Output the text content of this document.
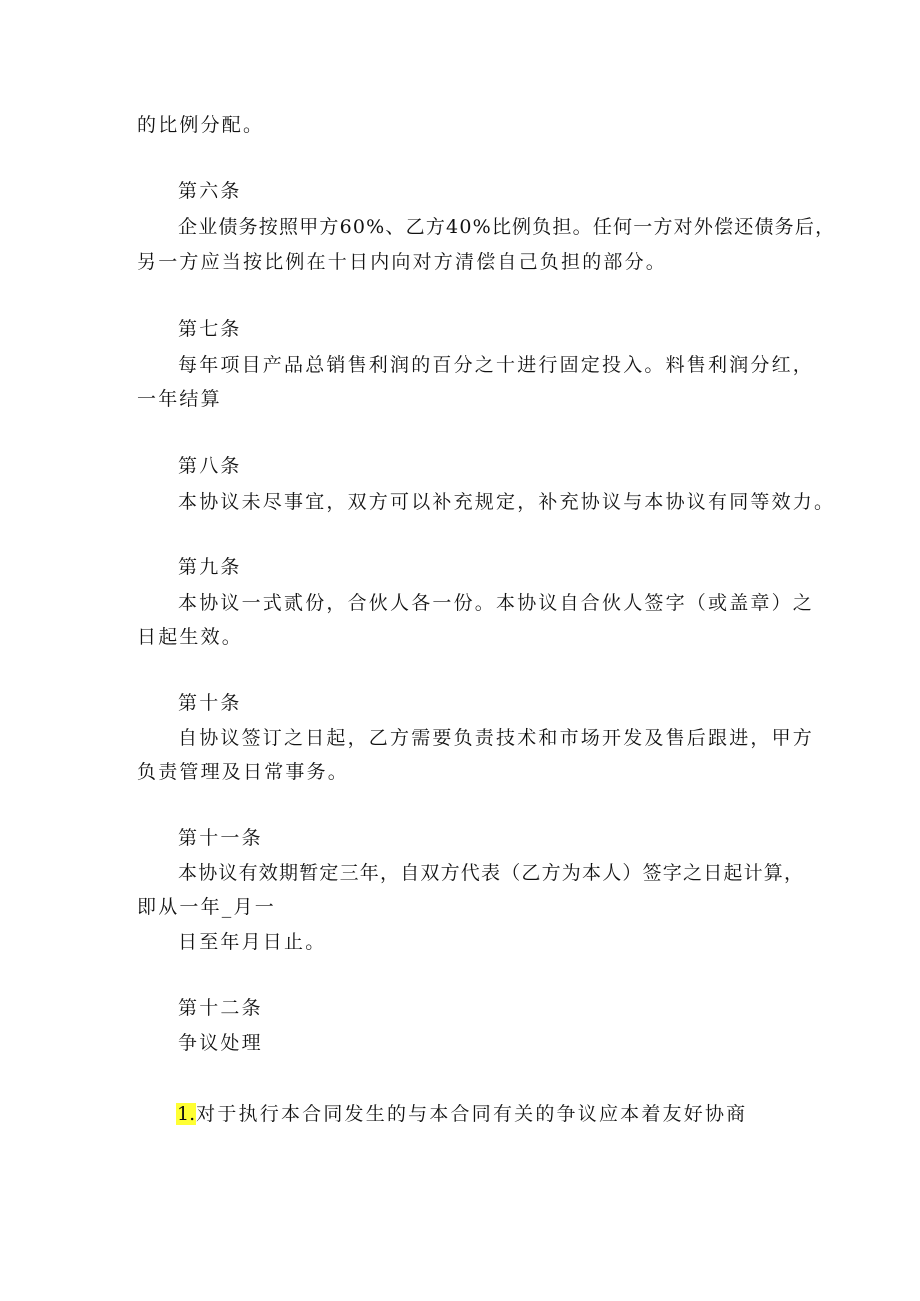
的比例分配。
第六条
企业债务按照甲方60%、乙方40%比例负担。任何一方对外偿还债务后，
另一方应当按比例在十日内向对方清偿自己负担的部分。
第七条
每年项目产品总销售利润的百分之十进行固定投入。料售利润分红，
一年结算
第八条
本协议未尽事宜，双方可以补充规定，补充协议与本协议有同等效力。
第九条
本协议一式贰份，合伙人各一份。本协议自合伙人签字（或盖章）之
日起生效。
第十条
自协议签订之日起，乙方需要负责技术和市场开发及售后跟进，甲方
负责管理及日常事务。
第十一条
本协议有效期暂定三年，自双方代表（乙方为本人）签字之日起计算，
即从一年_月一
日至年月日止。
第十二条
争议处理
1.对于执行本合同发生的与本合同有关的争议应本着友好协商
